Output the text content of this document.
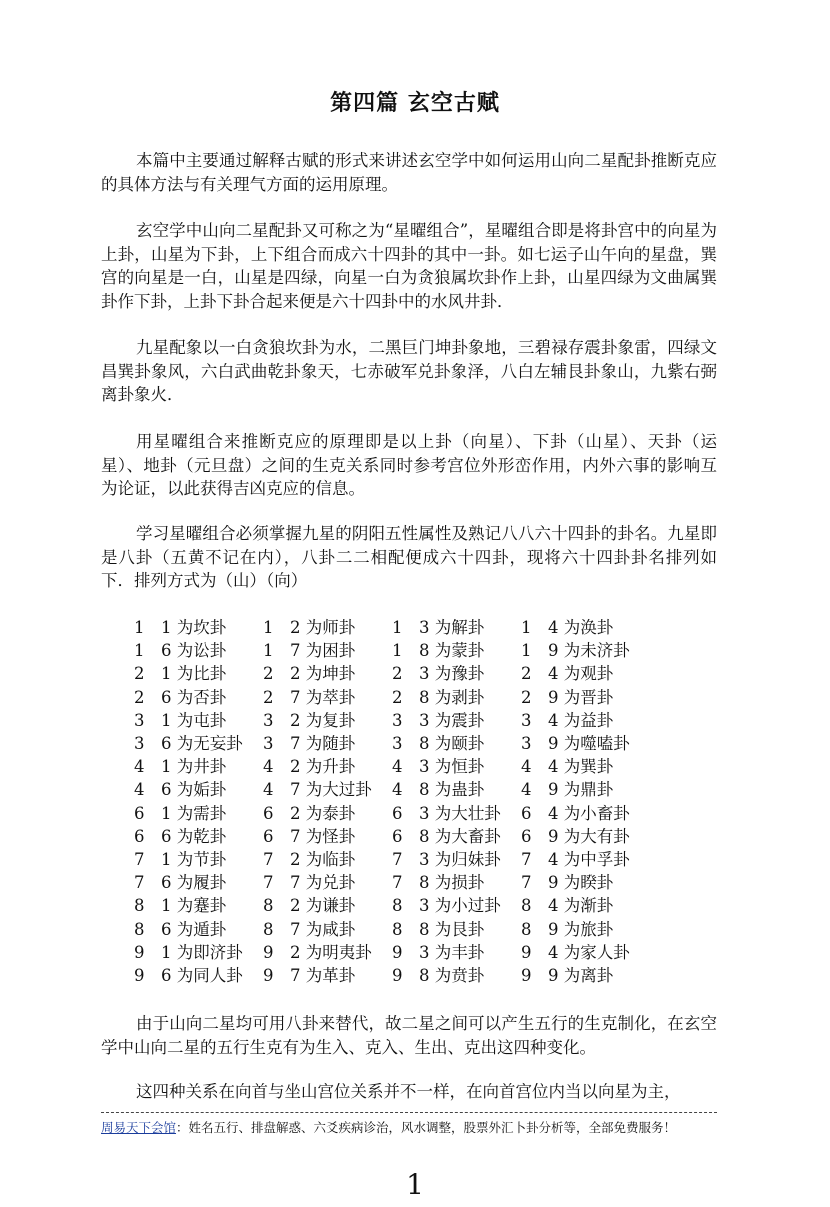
第四篇 玄空古赋

本篇中主要通过解释古赋的形式来讲述玄空学中如何运用山向二星配卦推断克应的具体方法与有关理气方面的运用原理。

玄空学中山向二星配卦又可称之为“星曜组合”，星曜组合即是将卦宫中的向星为上卦，山星为下卦，上下组合而成六十四卦的其中一卦。如七运子山午向的星盘，巽宫的向星是一白，山星是四绿，向星一白为贪狼属坎卦作上卦，山星四绿为文曲属巽卦作下卦，上卦下卦合起来便是六十四卦中的水风井卦．

九星配象以一白贪狼坎卦为水，二黑巨门坤卦象地，三碧禄存震卦象雷，四绿文昌巽卦象风，六白武曲乾卦象天，七赤破军兑卦象泽，八白左辅艮卦象山，九紫右弼离卦象火．

用星曜组合来推断克应的原理即是以上卦（向星）、下卦（山星）、天卦（运星）、地卦（元旦盘）之间的生克关系同时参考宫位外形峦作用，内外六事的影响互为论证，以此获得吉凶克应的信息。

学习星曜组合必须掌握九星的阴阳五性属性及熟记八八六十四卦的卦名。九星即是八卦（五黄不记在内），八卦二二相配便成六十四卦，现将六十四卦卦名排列如下．排列方式为（山）（向）

1　1 为坎卦	1　2 为师卦	1　3 为解卦	1　4 为涣卦
1　6 为讼卦	1　7 为困卦	1　8 为蒙卦	1　9 为未济卦
2　1 为比卦	2　2 为坤卦	2　3 为豫卦	2　4 为观卦
2　6 为否卦	2　7 为萃卦	2　8 为剥卦	2　9 为晋卦
3　1 为屯卦	3　2 为复卦	3　3 为震卦	3　4 为益卦
3　6 为无妄卦	3　7 为随卦	3　8 为颐卦	3　9 为噬嗑卦
4　1 为井卦	4　2 为升卦	4　3 为恒卦	4　4 为巽卦
4　6 为姤卦	4　7 为大过卦	4　8 为蛊卦	4　9 为鼎卦
6　1 为需卦	6　2 为泰卦	6　3 为大壮卦	6　4 为小畜卦
6　6 为乾卦	6　7 为怪卦	6　8 为大畜卦	6　9 为大有卦
7　1 为节卦	7　2 为临卦	7　3 为归妹卦	7　4 为中孚卦
7　6 为履卦	7　7 为兑卦	7　8 为损卦	7　9 为睽卦
8　1 为蹇卦	8　2 为谦卦	8　3 为小过卦	8　4 为渐卦
8　6 为遁卦	8　7 为咸卦	8　8 为艮卦	8　9 为旅卦
9　1 为即济卦	9　2 为明夷卦	9　3 为丰卦	9　4 为家人卦
9　6 为同人卦	9　7 为革卦	9　8 为贲卦	9　9 为离卦

由于山向二星均可用八卦来替代，故二星之间可以产生五行的生克制化，在玄空学中山向二星的五行生克有为生入、克入、生出、克出这四种变化。

这四种关系在向首与坐山宫位关系并不一样，在向首宫位内当以向星为主，

周易天下会馆：姓名五行、排盘解惑、六爻疾病诊治，风水调整，股票外汇卜卦分析等，全部免费服务！
1
